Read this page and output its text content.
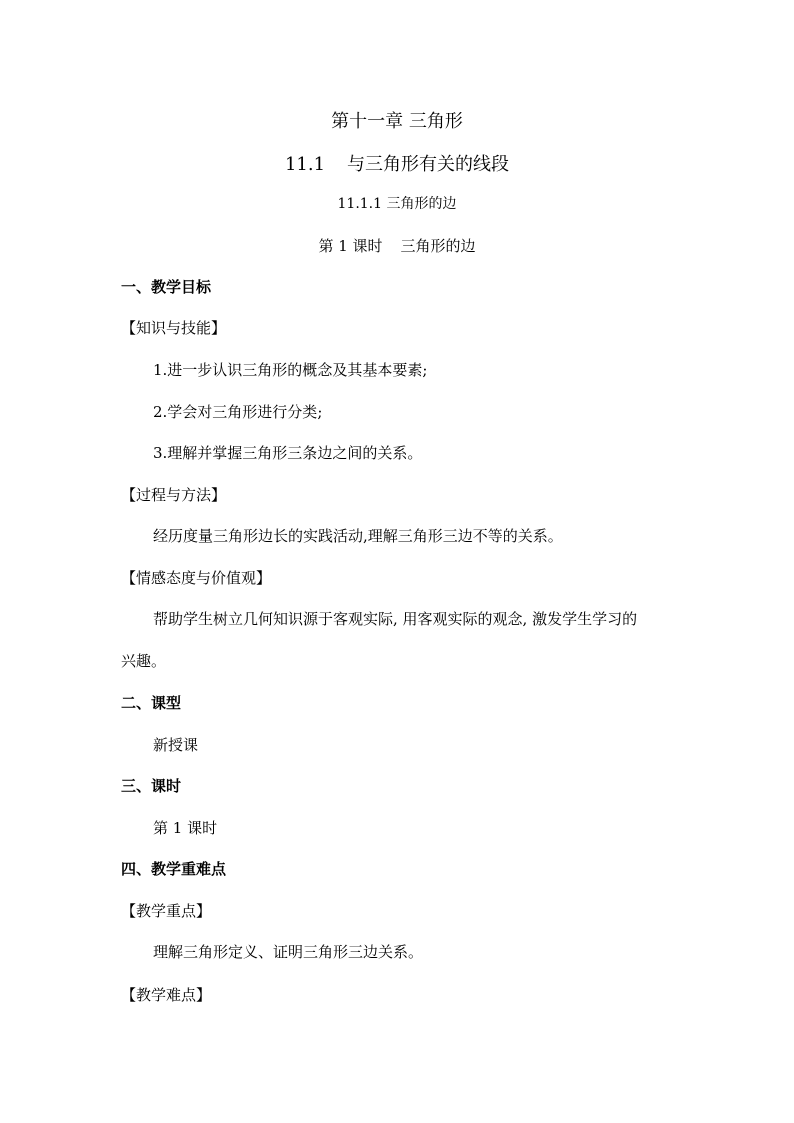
第十一章 三角形
11.1 与三角形有关的线段
11.1.1 三角形的边
第 1 课时 三角形的边
一、教学目标
【知识与技能】
1.进一步认识三角形的概念及其基本要素;
2.学会对三角形进行分类;
3.理解并掌握三角形三条边之间的关系。
【过程与方法】
经历度量三角形边长的实践活动,理解三角形三边不等的关系。
【情感态度与价值观】
帮助学生树立几何知识源于客观实际, 用客观实际的观念, 激发学生学习的
兴趣。
二、课型
新授课
三、课时
第 1 课时
四、教学重难点
【教学重点】
理解三角形定义、证明三角形三边关系。
【教学难点】
